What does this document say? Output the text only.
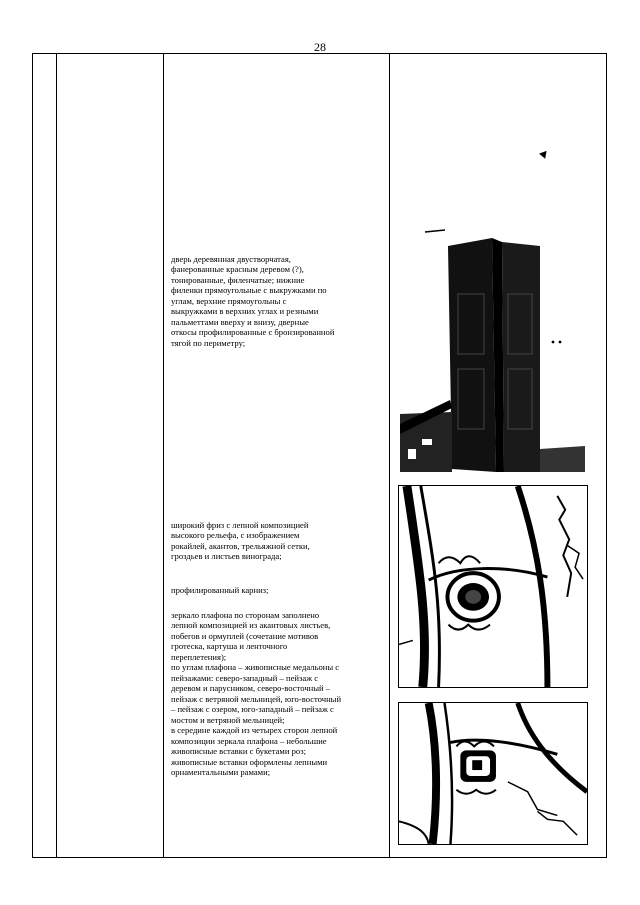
28

дверь деревянная двустворчатая,
фанерованные красным деревом (?),
тонированные, филенчатые; нижние
филенки прямоугольные с выкружками по
углам, верхние прямоугольны с
выкружками в верхних углах и резными
пальметтами вверху и внизу, дверные
откосы профилированные с бронзированной
тягой по периметру;

широкий фриз с лепной композицией
высокого рельефа, с изображением
рокайлей, акантов, трельяжной сетки,
гроздьев и листьев винограда;

профилированный карниз;

зеркало плафона по сторонам заполнено
лепной композицией из акантовых листьев,
побегов и ормуплей (сочетание мотивов
гротеска, картуша и ленточного
переплетения);
по углам плафона – живописные медальоны с
пейзажами: северо-западный – пейзаж с
деревом и парусником, северо-восточный –
пейзаж с ветряной мельницей, юго-восточный
– пейзаж с озером, юго-западный – пейзаж с
мостом и ветряной мельницей;
в середине каждой из четырех сторон лепной
композиции зеркала плафона – небольшие
живописные вставки с букетами роз;
живописные вставки оформлены лепными
орнаментальными рамами;
